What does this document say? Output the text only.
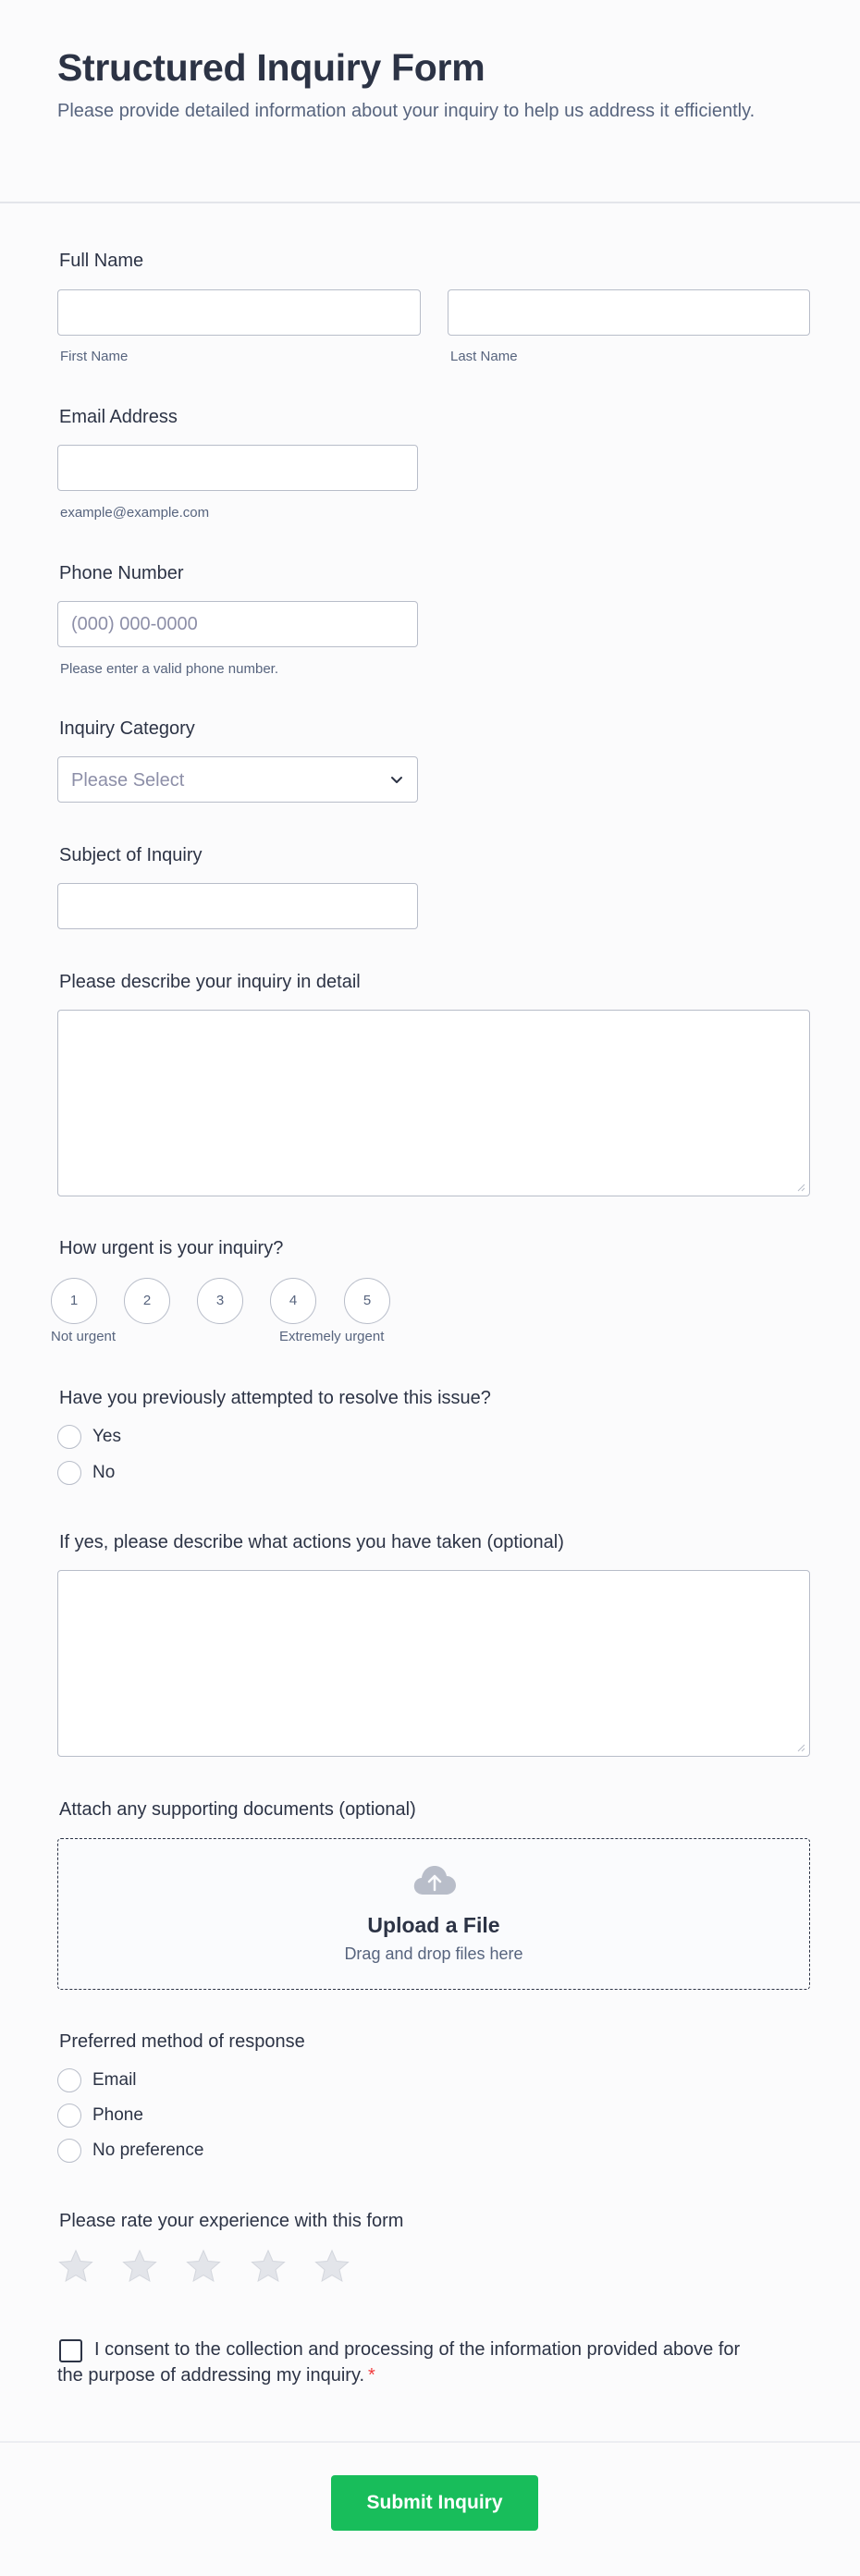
Structured Inquiry Form

Please provide detailed information about your inquiry to help us address it efficiently.

Full Name
First Name	Last Name
Email Address
example@example.com
Phone Number
(000) 000-0000
Please enter a valid phone number.
Inquiry Category
Please Select
Subject of Inquiry
Please describe your inquiry in detail
How urgent is your inquiry?
1	2	3	4	5
Not urgent	Extremely urgent
Have you previously attempted to resolve this issue?
Yes
No
If yes, please describe what actions you have taken (optional)
Attach any supporting documents (optional)
Upload a File
Drag and drop files here
Preferred method of response
Email
Phone
No preference
Please rate your experience with this form
I consent to the collection and processing of the information provided above for the purpose of addressing my inquiry. *
Submit Inquiry
